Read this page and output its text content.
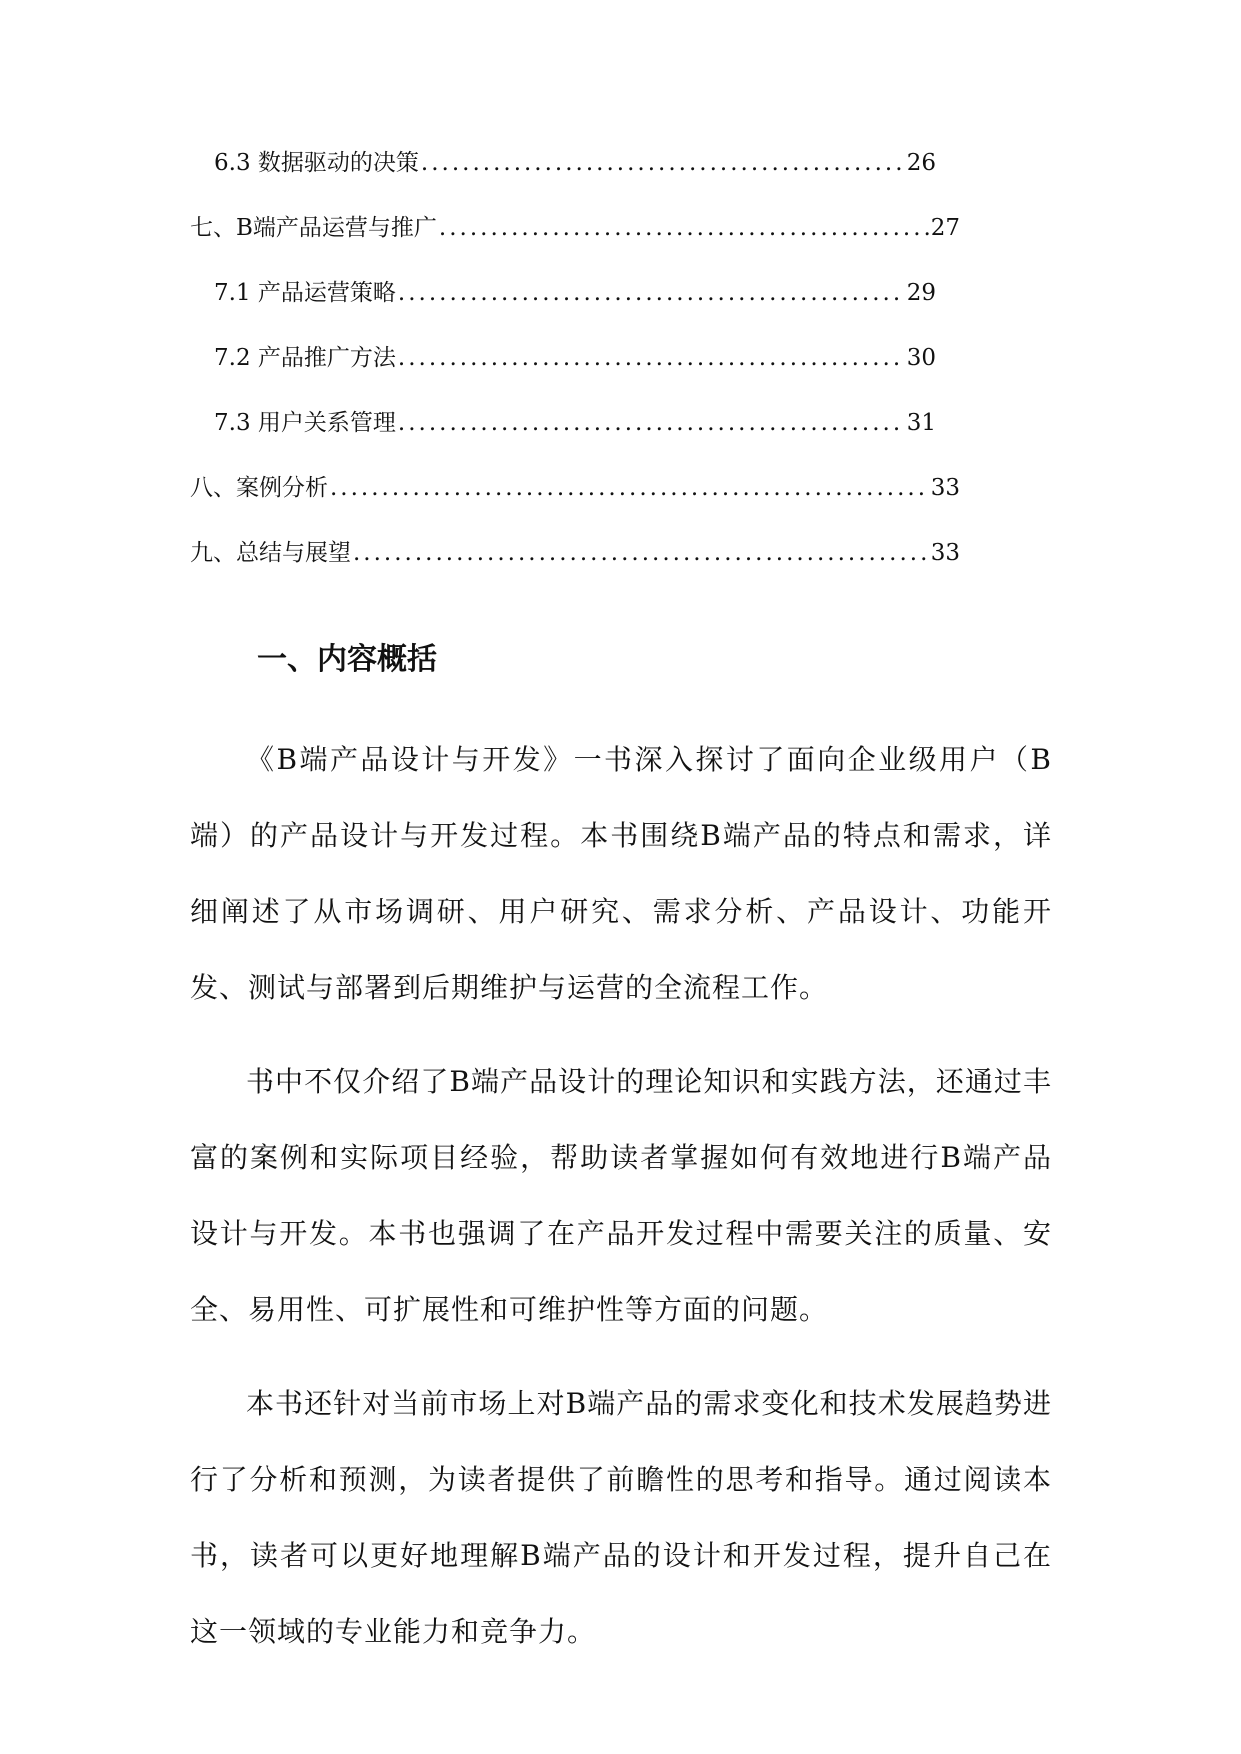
6.3 数据驱动的决策 .....	26
七、B端产品运营与推广 .....	27
7.1 产品运营策略 .....	29
7.2 产品推广方法 .....	30
7.3 用户关系管理 .....	31
八、案例分析 .....	33
九、总结与展望 .....	33
一、内容概括

《B端产品设计与开发》一书深入探讨了面向企业级用户（B端）的产品设计与开发过程。本书围绕B端产品的特点和需求，详细阐述了从市场调研、用户研究、需求分析、产品设计、功能开发、测试与部署到后期维护与运营的全流程工作。

书中不仅介绍了B端产品设计的理论知识和实践方法，还通过丰富的案例和实际项目经验，帮助读者掌握如何有效地进行B端产品设计与开发。本书也强调了在产品开发过程中需要关注的质量、安全、易用性、可扩展性和可维护性等方面的问题。

本书还针对当前市场上对B端产品的需求变化和技术发展趋势进行了分析和预测，为读者提供了前瞻性的思考和指导。通过阅读本书，读者可以更好地理解B端产品的设计和开发过程，提升自己在这一领域的专业能力和竞争力。
